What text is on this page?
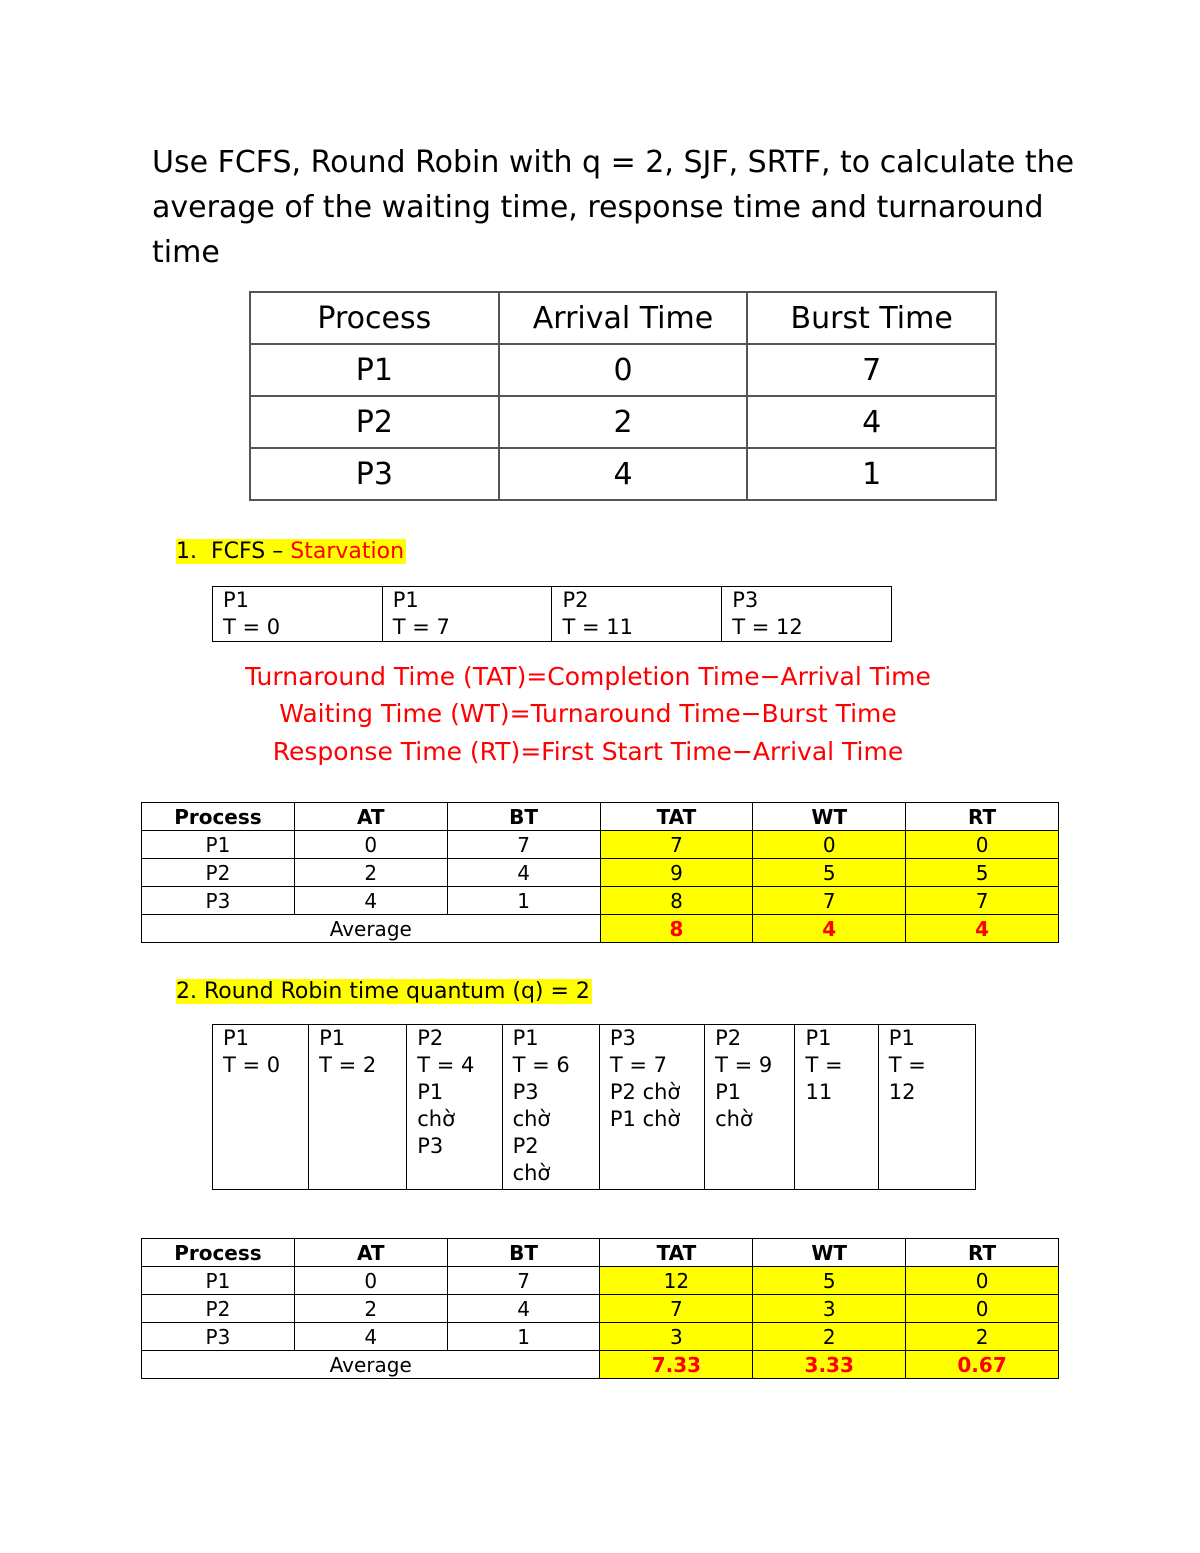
Use FCFS, Round Robin with q = 2, SJF, SRTF, to calculate the average of the waiting time, response time and turnaround time
Process	Arrival Time	Burst Time
P1	0	7
P2	2	4
P3	4	1
1. FCFS – Starvation
P1
T = 0

P1
T = 7

P2
T = 11

P3
T = 12
Turnaround Time (TAT)=Completion Time−Arrival Time
Waiting Time (WT)=Turnaround Time−Burst Time
Response Time (RT)=First Start Time−Arrival Time
Process	AT	BT	TAT	WT	RT
P1	0	7	7	0	0
P2	2	4	9	5	5
P3	4	1	8	7	7
Average			8	4	4
2. Round Robin time quantum (q) = 2
P1
T = 0

P1
T = 2

P2
T = 4
P1
chờ
P3

P1
T = 6
P3
chờ
P2
chờ

P3
T = 7
P2 chờ
P1 chờ

P2
T = 9
P1
chờ

P1
T =
11

P1
T =
12
Process	AT	BT	TAT	WT	RT
P1	0	7	12	5	0
P2	2	4	7	3	0
P3	4	1	3	2	2
Average			7.33	3.33	0.67
